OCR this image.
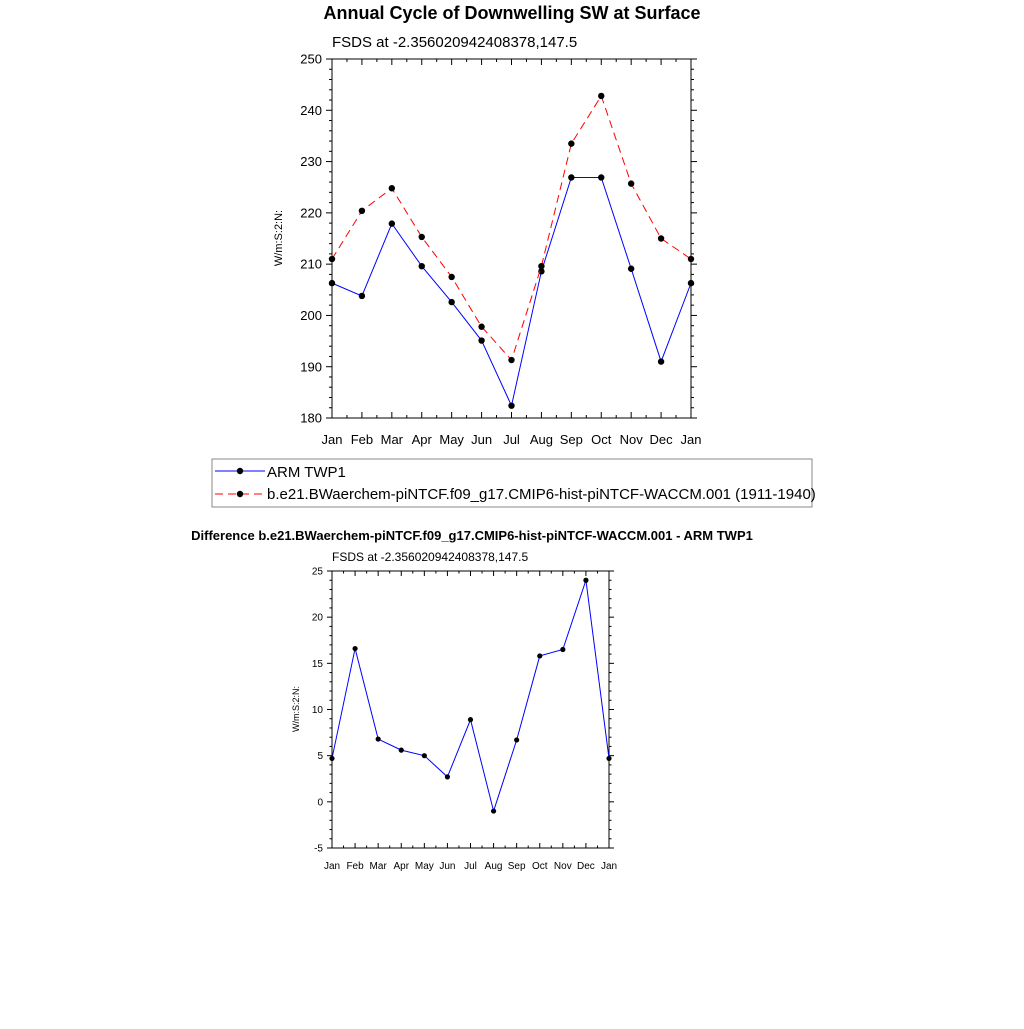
Annual Cycle of Downwelling SW at Surface
FSDS at -2.356020942408378,147.5
W/m:S:2:N:
Jan Feb Mar Apr May Jun Jul Aug Sep Oct Nov Dec Jan
180
190
200
210
220
230
240
250
ARM TWP1
b.e21.BWaerchem-piNTCF.f09_g17.CMIP6-hist-piNTCF-WACCM.001 (1911-1940)
Difference b.e21.BWaerchem-piNTCF.f09_g17.CMIP6-hist-piNTCF-WACCM.001 - ARM TWP1
FSDS at -2.356020942408378,147.5
W/m:S:2:N:
Jan Feb Mar Apr May Jun Jul Aug Sep Oct Nov Dec Jan
-5
0
5
10
15
20
25
